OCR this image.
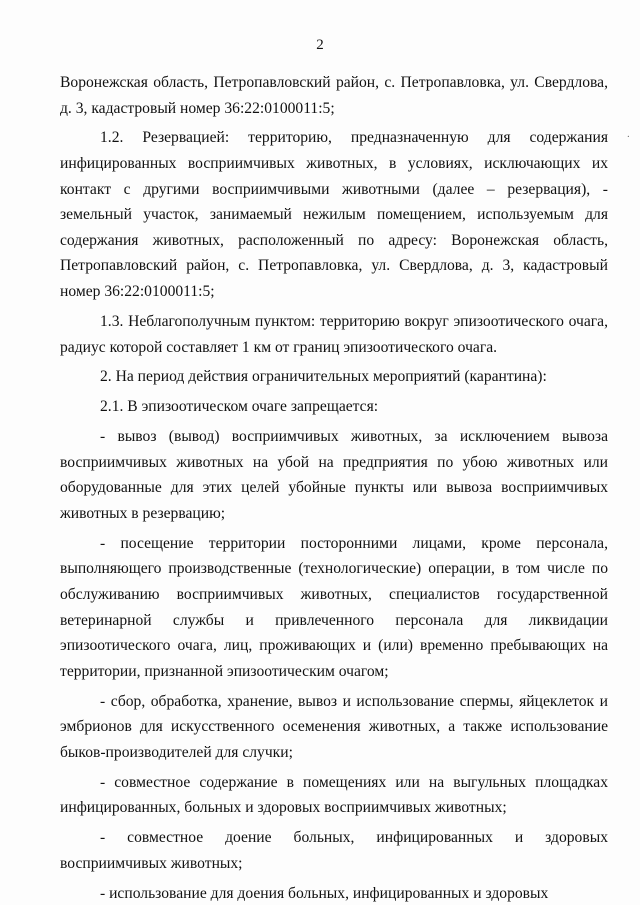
2
.

Воронежская область, Петропавловский район, с. Петропавловка, ул. Свердлова, д. 3, кадастровый номер 36:22:0100011:5;

1.2. Резервацией: территорию, предназначенную для содержания инфицированных восприимчивых животных, в условиях, исключающих их контакт с другими восприимчивыми животными (далее – резервация), - земельный участок, занимаемый нежилым помещением, используемым для содержания животных, расположенный по адресу: Воронежская область, Петропавловский район, с. Петропавловка, ул. Свердлова, д. 3, кадастровый номер 36:22:0100011:5;

1.3. Неблагополучным пунктом: территорию вокруг эпизоотического очага, радиус которой составляет 1 км от границ эпизоотического очага.

2. На период действия ограничительных мероприятий (карантина):

2.1. В эпизоотическом очаге запрещается:

- вывоз (вывод) восприимчивых животных, за исключением вывоза восприимчивых животных на убой на предприятия по убою животных или оборудованные для этих целей убойные пункты или вывоза восприимчивых животных в резервацию;

- посещение территории посторонними лицами, кроме персонала, выполняющего производственные (технологические) операции, в том числе по обслуживанию восприимчивых животных, специалистов государственной ветеринарной службы и привлеченного персонала для ликвидации эпизоотического очага, лиц, проживающих и (или) временно пребывающих на территории, признанной эпизоотическим очагом;

- сбор, обработка, хранение, вывоз и использование спермы, яйцеклеток и эмбрионов для искусственного осеменения животных, а также использование быков-производителей для случки;

- совместное содержание в помещениях или на выгульных площадках инфицированных, больных и здоровых восприимчивых животных;

- совместное доение больных, инфицированных и здоровых восприимчивых животных;

- использование для доения больных, инфицированных и здоровых
